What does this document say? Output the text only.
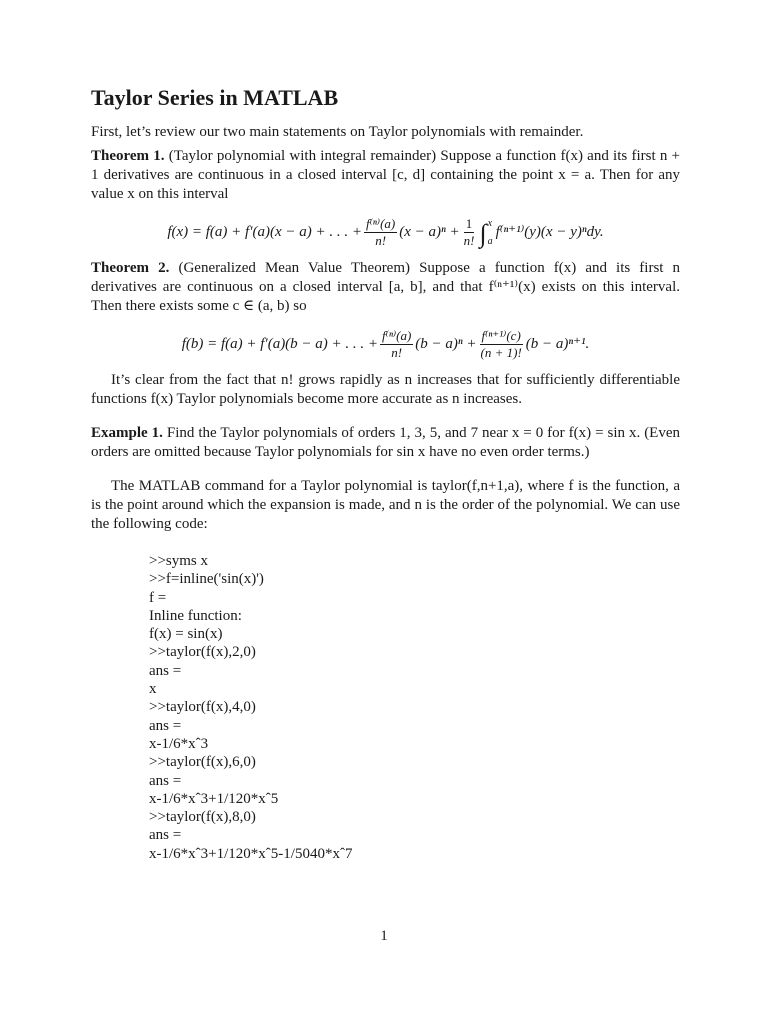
Taylor Series in MATLAB

First, let’s review our two main statements on Taylor polynomials with remainder.

Theorem 1. (Taylor polynomial with integral remainder) Suppose a function f(x) and its first n + 1 derivatives are continuous in a closed interval [c, d] containing the point x = a. Then for any value x on this interval

f(x) = f(a) + f′(a)(x − a) + . . . + $\frac{\text{f⁽ⁿ⁾(a)}}{n!} (x - a)^n + \frac{1}{n!}$ ∫ x
a
f⁽ⁿ⁺¹⁾(y)(x − y)ⁿdy.

Theorem 2. (Generalized Mean Value Theorem) Suppose a function f(x) and its first n derivatives are continuous on a closed interval [a, b], and that f⁽ⁿ⁺¹⁾(x) exists on this interval. Then there exists some c ∈ (a, b) so

f(b) = f(a) + f′(a)(b − a) + . . . + $\frac{\text{f⁽ⁿ⁾(a)}}{n!} (b - a)^n + \frac{\text{f⁽ⁿ⁺¹⁾(c)}}{(n + 1)!} (b - a)^{n+1}$.

It’s clear from the fact that n! grows rapidly as n increases that for sufficiently differentiable functions f(x) Taylor polynomials become more accurate as n increases.

Example 1. Find the Taylor polynomials of orders 1, 3, 5, and 7 near x = 0 for f(x) = sin x. (Even orders are omitted because Taylor polynomials for sin x have no even order terms.)

The MATLAB command for a Taylor polynomial is taylor(f,n+1,a), where f is the function, a is the point around which the expansion is made, and n is the order of the polynomial. We can use the following code:

>>syms x
>>f=inline('sin(x)')
f =
Inline function:
f(x) = sin(x)
>>taylor(f(x),2,0)
ans =
x
>>taylor(f(x),4,0)
ans =
x-1/6*xˆ3
>>taylor(f(x),6,0)
ans =
x-1/6*xˆ3+1/120*xˆ5
>>taylor(f(x),8,0)
ans =
x-1/6*xˆ3+1/120*xˆ5-1/5040*xˆ7
1
